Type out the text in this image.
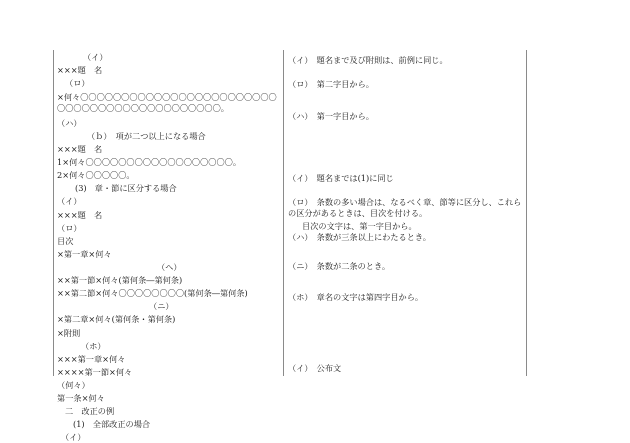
（イ）
×××題　名
（ロ）
×何々〇〇〇〇〇〇〇〇〇〇〇〇〇〇〇〇〇〇〇〇〇〇〇〇〇〇〇〇〇〇〇〇〇〇〇〇〇〇〇〇〇〇〇〇。
（ハ）
（ｂ）　項が二つ以上になる場合
×××題　名
1×何々〇〇〇〇〇〇〇〇〇〇〇〇〇〇〇〇〇〇。
2×何々〇〇〇〇〇。
(3)　章・節に区分する場合
（イ）
×××題　名
（ロ）
目次
×第一章×何々
（ヘ）
××第一節×何々(第何条―第何条)
××第二節×何々〇〇〇〇〇〇〇〇(第何条―第何条)
（ニ）
×第二章×何々(第何条・第何条)
×附則
（ホ）
×××第一章×何々
××××第一節×何々
（何々）
第一条×何々
二　改正の例
(1)　全部改正の場合
（イ）
（イ）　題名まで及び附則は、前例に同じ。
（ロ）　第二字目から。
（ハ）　第一字目から。
（イ）　題名までは(1)に同じ
（ロ）　条数の多い場合は、なるべく章、節等に区分し、これらの区分があるときは、目次を付ける。
目次の文字は、第一字目から。
（ハ）　条数が三条以上にわたるとき。
（ニ）　条数が二条のとき。
（ホ）　章名の文字は第四字目から。
（イ）　公布文
